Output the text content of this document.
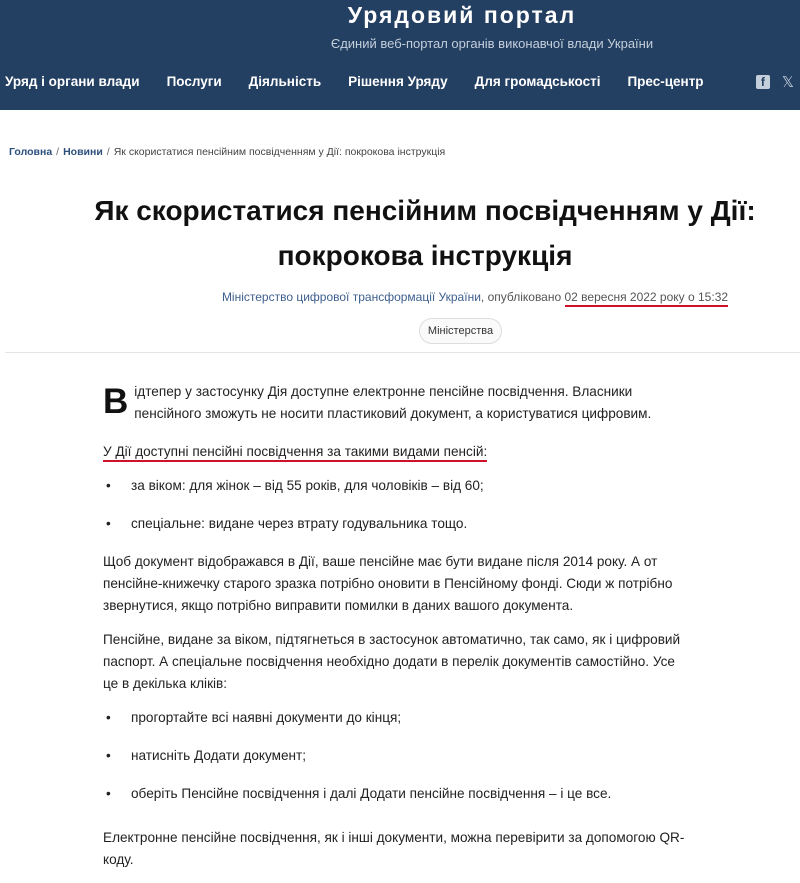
Урядовий портал
Єдиний веб-портал органів виконавчої влади України
Уряд і органи влади Послуги Діяльність Рішення Уряду Для громадськості Прес-центр	f	𝕏
Головна / Новини / Як скористатися пенсійним посвідченням у Дії: покрокова інструкція
Як скористатися пенсійним посвідченням у Дії:
покрокова інструкція
Міністерство цифрової трансформації України, опубліковано 02 вересня 2022 року о 15:32
Міністерства

Відтепер у застосунку Дія доступне електронне пенсійне посвідчення. Власники пенсійного зможуть не носити пластиковий документ, а користуватися цифровим.

У Дії доступні пенсійні посвідчення за такими видами пенсій:

• за віком: для жінок – від 55 років, для чоловіків – від 60;
• спеціальне: видане через втрату годувальника тощо.

Щоб документ відображався в Дії, ваше пенсійне має бути видане після 2014 року. А от пенсійне-книжечку старого зразка потрібно оновити в Пенсійному фонді. Сюди ж потрібно звернутися, якщо потрібно виправити помилки в даних вашого документа.

Пенсійне, видане за віком, підтягнеться в застосунок автоматично, так само, як і цифровий паспорт. А спеціальне посвідчення необхідно додати в перелік документів самостійно. Усе це в декілька кліків:

• прогортайте всі наявні документи до кінця;
• натисніть Додати документ;
• оберіть Пенсійне посвідчення і далі Додати пенсійне посвідчення – і це все.

Електронне пенсійне посвідчення, як і інші документи, можна перевірити за допомогою QR-коду.
